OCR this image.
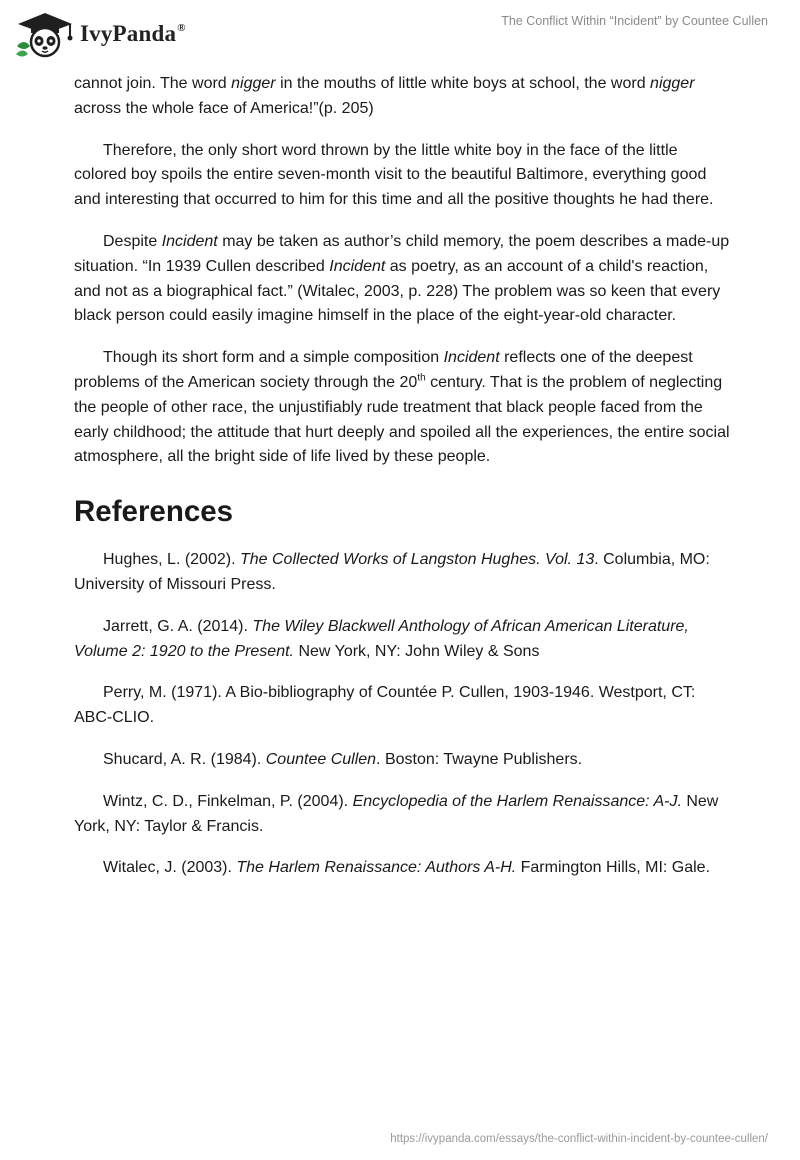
IvyPanda®	The Conflict Within “Incident” by Countee Cullen

cannot join. The word nigger in the mouths of little white boys at school, the word nigger across the whole face of America!”(p. 205)

Therefore, the only short word thrown by the little white boy in the face of the little colored boy spoils the entire seven-month visit to the beautiful Baltimore, everything good and interesting that occurred to him for this time and all the positive thoughts he had there.

Despite Incident may be taken as author’s child memory, the poem describes a made-up situation. “In 1939 Cullen described Incident as poetry, as an account of a child's reaction, and not as a biographical fact.” (Witalec, 2003, p. 228) The problem was so keen that every black person could easily imagine himself in the place of the eight-year-old character.

Though its short form and a simple composition Incident reflects one of the deepest problems of the American society through the 20th century. That is the problem of neglecting the people of other race, the unjustifiably rude treatment that black people faced from the early childhood; the attitude that hurt deeply and spoiled all the experiences, the entire social atmosphere, all the bright side of life lived by these people.

References

Hughes, L. (2002). The Collected Works of Langston Hughes. Vol. 13. Columbia, MO: University of Missouri Press.

Jarrett, G. A. (2014). The Wiley Blackwell Anthology of African American Literature, Volume 2: 1920 to the Present. New York, NY: John Wiley & Sons

Perry, M. (1971). A Bio-bibliography of Countée P. Cullen, 1903-1946. Westport, CT: ABC-CLIO.

Shucard, A. R. (1984). Countee Cullen. Boston: Twayne Publishers.

Wintz, C. D., Finkelman, P. (2004). Encyclopedia of the Harlem Renaissance: A-J. New York, NY: Taylor & Francis.

Witalec, J. (2003). The Harlem Renaissance: Authors A-H. Farmington Hills, MI: Gale.

https://ivypanda.com/essays/the-conflict-within-incident-by-countee-cullen/
